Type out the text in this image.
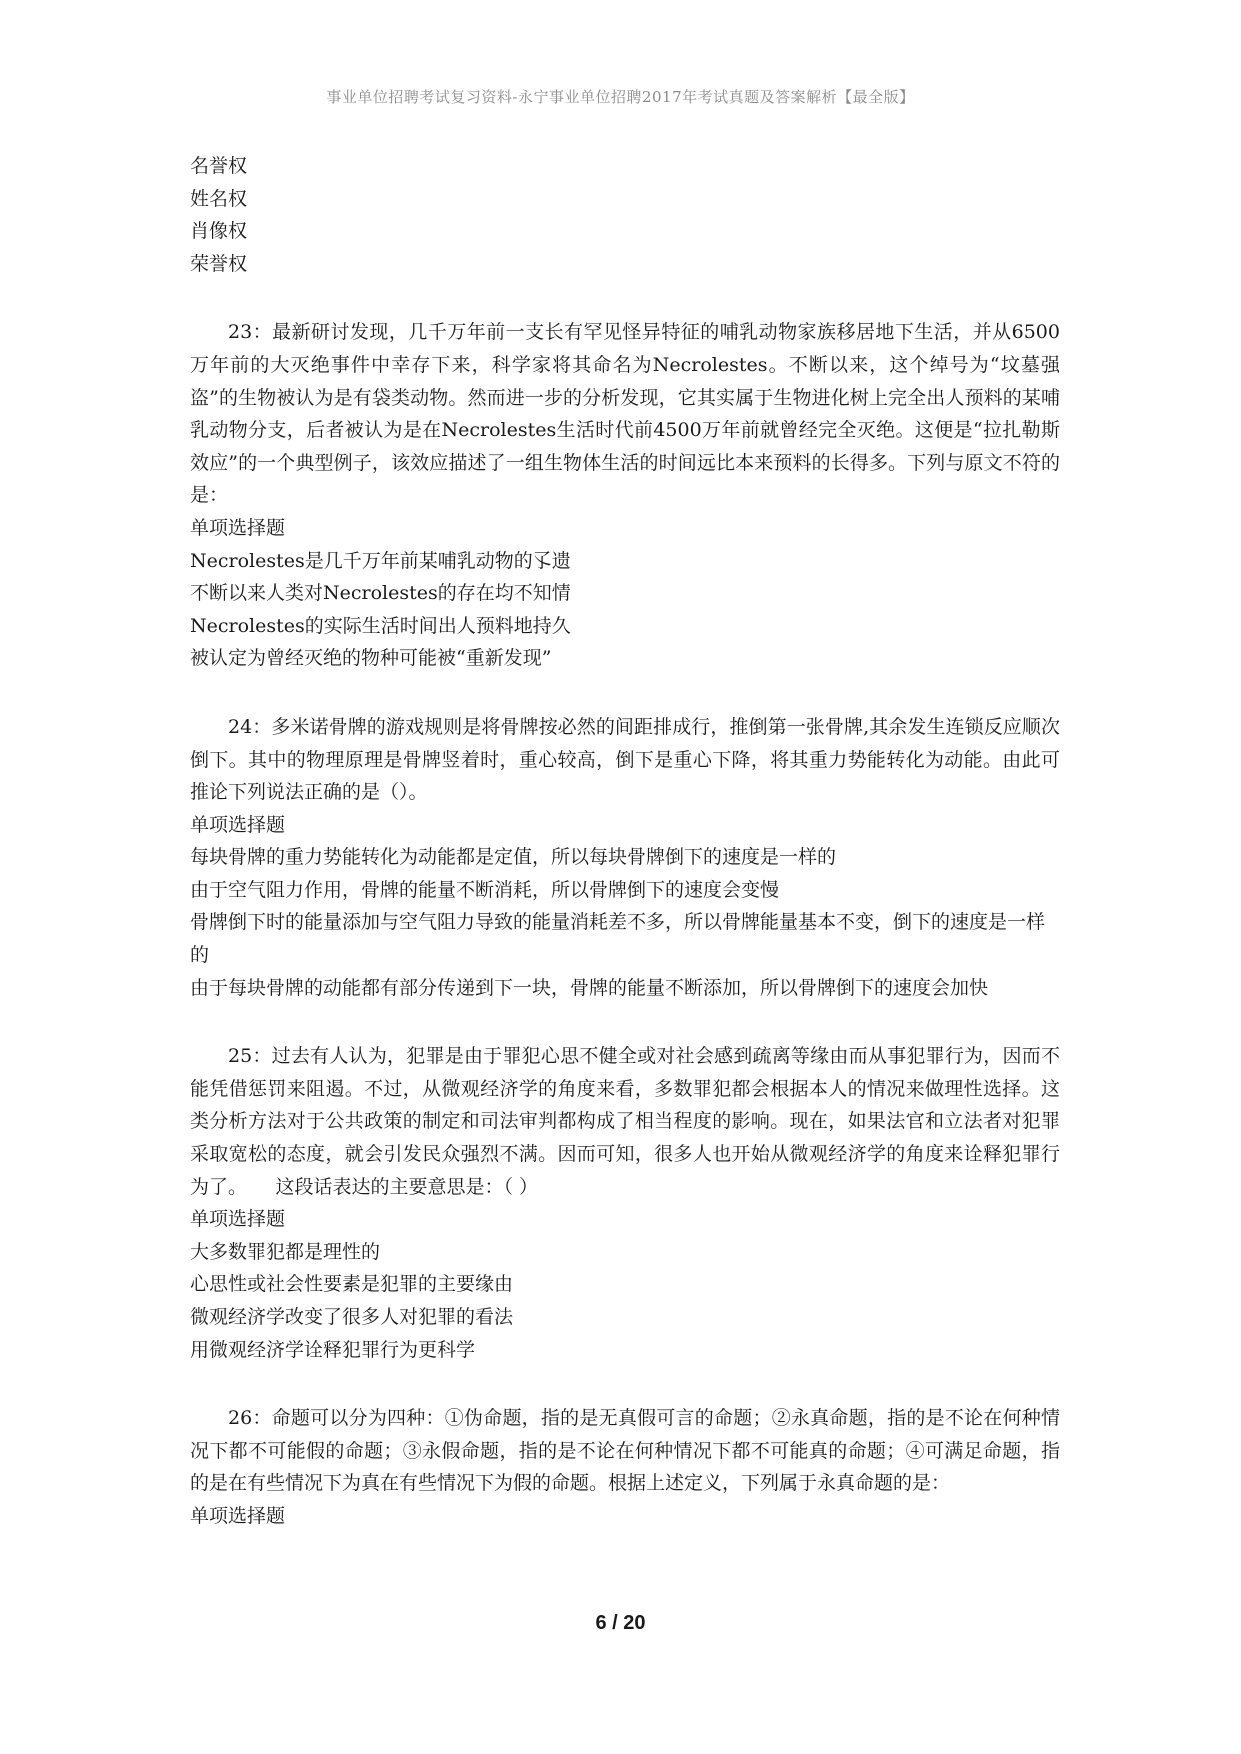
事业单位招聘考试复习资料-永宁事业单位招聘2017年考试真题及答案解析【最全版】
名誉权
姓名权
肖像权
荣誉权
23：最新研讨发现，几千万年前一支长有罕见怪异特征的哺乳动物家族移居地下生活，并从6500万年前的大灭绝事件中幸存下来，科学家将其命名为Necrolestes。不断以来，这个绰号为“坟墓强盗”的生物被认为是有袋类动物。然而进一步的分析发现，它其实属于生物进化树上完全出人预料的某哺乳动物分支，后者被认为是在Necrolestes生活时代前4500万年前就曾经完全灭绝。这便是“拉扎勒斯效应”的一个典型例子，该效应描述了一组生物体生活的时间远比本来预料的长得多。下列与原文不符的是：
单项选择题
Necrolestes是几千万年前某哺乳动物的孓遗
不断以来人类对Necrolestes的存在均不知情
Necrolestes的实际生活时间出人预料地持久
被认定为曾经灭绝的物种可能被“重新发现”
24：多米诺骨牌的游戏规则是将骨牌按必然的间距排成行，推倒第一张骨牌,其余发生连锁反应顺次倒下。其中的物理原理是骨牌竖着时，重心较高，倒下是重心下降，将其重力势能转化为动能。由此可推论下列说法正确的是（）。
单项选择题
每块骨牌的重力势能转化为动能都是定值，所以每块骨牌倒下的速度是一样的
由于空气阻力作用，骨牌的能量不断消耗，所以骨牌倒下的速度会变慢
骨牌倒下时的能量添加与空气阻力导致的能量消耗差不多，所以骨牌能量基本不变，倒下的速度是一样的
由于每块骨牌的动能都有部分传递到下一块，骨牌的能量不断添加，所以骨牌倒下的速度会加快
25：过去有人认为，犯罪是由于罪犯心思不健全或对社会感到疏离等缘由而从事犯罪行为，因而不能凭借惩罚来阻遏。不过，从微观经济学的角度来看，多数罪犯都会根据本人的情况来做理性选择。这类分析方法对于公共政策的制定和司法审判都构成了相当程度的影响。现在，如果法官和立法者对犯罪采取宽松的态度，就会引发民众强烈不满。因而可知，很多人也开始从微观经济学的角度来诠释犯罪行为了。　　这段话表达的主要意思是：（ ）
单项选择题
大多数罪犯都是理性的
心思性或社会性要素是犯罪的主要缘由
微观经济学改变了很多人对犯罪的看法
用微观经济学诠释犯罪行为更科学
26：命题可以分为四种：①伪命题，指的是无真假可言的命题；②永真命题，指的是不论在何种情况下都不可能假的命题；③永假命题，指的是不论在何种情况下都不可能真的命题；④可满足命题，指的是在有些情况下为真在有些情况下为假的命题。根据上述定义，下列属于永真命题的是：
单项选择题
6 / 20
